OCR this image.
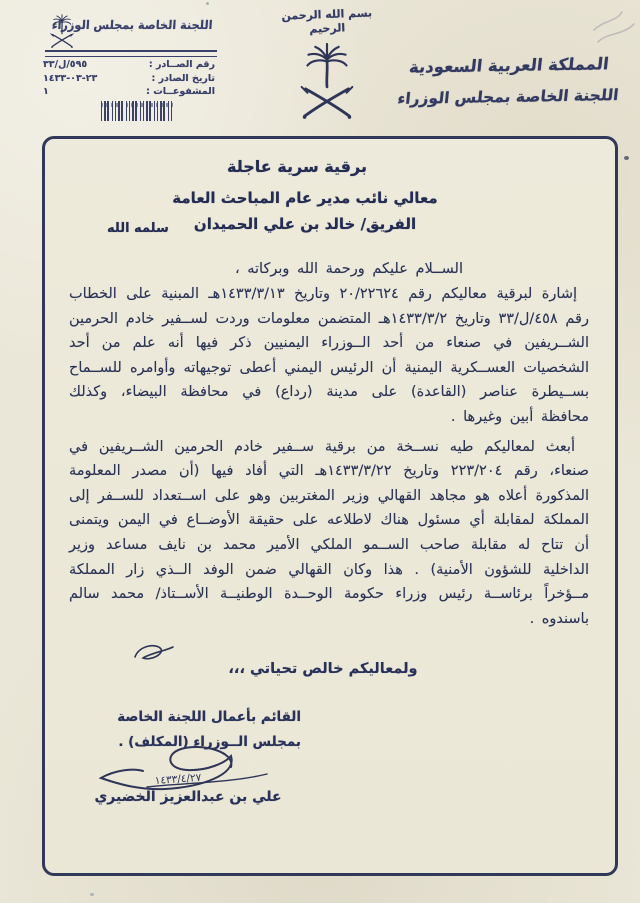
اللجنة الخاصة بمجلس الوزراء
رقم الصــادر :
٥٩٥/ل/٣٣
تاريخ الصادر :
٢٣-٠٣-١٤٣٣
المشفوعــات :
١
بسم الله الرحمن الرحيم
المملكة العربية السعودية
اللجنة الخاصة بمجلس الوزراء
برقية سرية عاجلة
معالي نائب مدير عام المباحث العامة
الفريق/ خالد بن علي الحميدان
سلمه الله
الســلام عليكم ورحمة الله وبركاته ،

إشارة لبرقية معاليكم رقم ٢٠/٢٢٦٢٤ وتاريخ ١٤٣٣/٣/١٣هـ المبنية على الخطاب رقم ٤٥٨/ل/٣٣ وتاريخ ١٤٣٣/٣/٢هـ المتضمن معلومات وردت لســفير خادم الحرمين الشــريفين في صنعاء من أحد الــوزراء اليمنيين ذكر فيها أنه علم من أحد الشخصيات العســكرية اليمنية أن الرئيس اليمني أعطى توجيهاته وأوامره للســماح بســيطرة عناصر (القاعدة) على مدينة (رداع) في محافظة البيضاء، وكذلك محافظة أبين وغيرها .

أبعث لمعاليكم طيه نســخة من برقية ســفير خادم الحرمين الشــريفين في صنعاء، رقم ٢٢٣/٢٠٤ وتاريخ ١٤٣٣/٣/٢٢هـ التي أفاد فيها (أن مصدر المعلومة المذكورة أعلاه هو مجاهد القهالي وزير المغتربين وهو على اســتعداد للســفر إلى المملكة لمقابلة أي مسئول هناك لاطلاعه على حقيقة الأوضــاع في اليمن ويتمنى أن تتاح له مقابلة صاحب الســمو الملكي الأمير محمد بن نايف مساعد وزير الداخلية للشؤون الأمنية) . هذا وكان القهالي ضمن الوفد الــذي زار المملكة مــؤخراً برئاســة رئيس وزراء حكومة الوحــدة الوطنيــة الأســتاذ/ محمد سالم باسندوه .

ولمعاليكم خالص تحياتي ،،،
القائم بأعمال اللجنة الخاصة
بمجلس الــوزراء (المكلف) .
١٤٣٣/٤/٢٧
علي بن عبدالعزيز الخضيري
